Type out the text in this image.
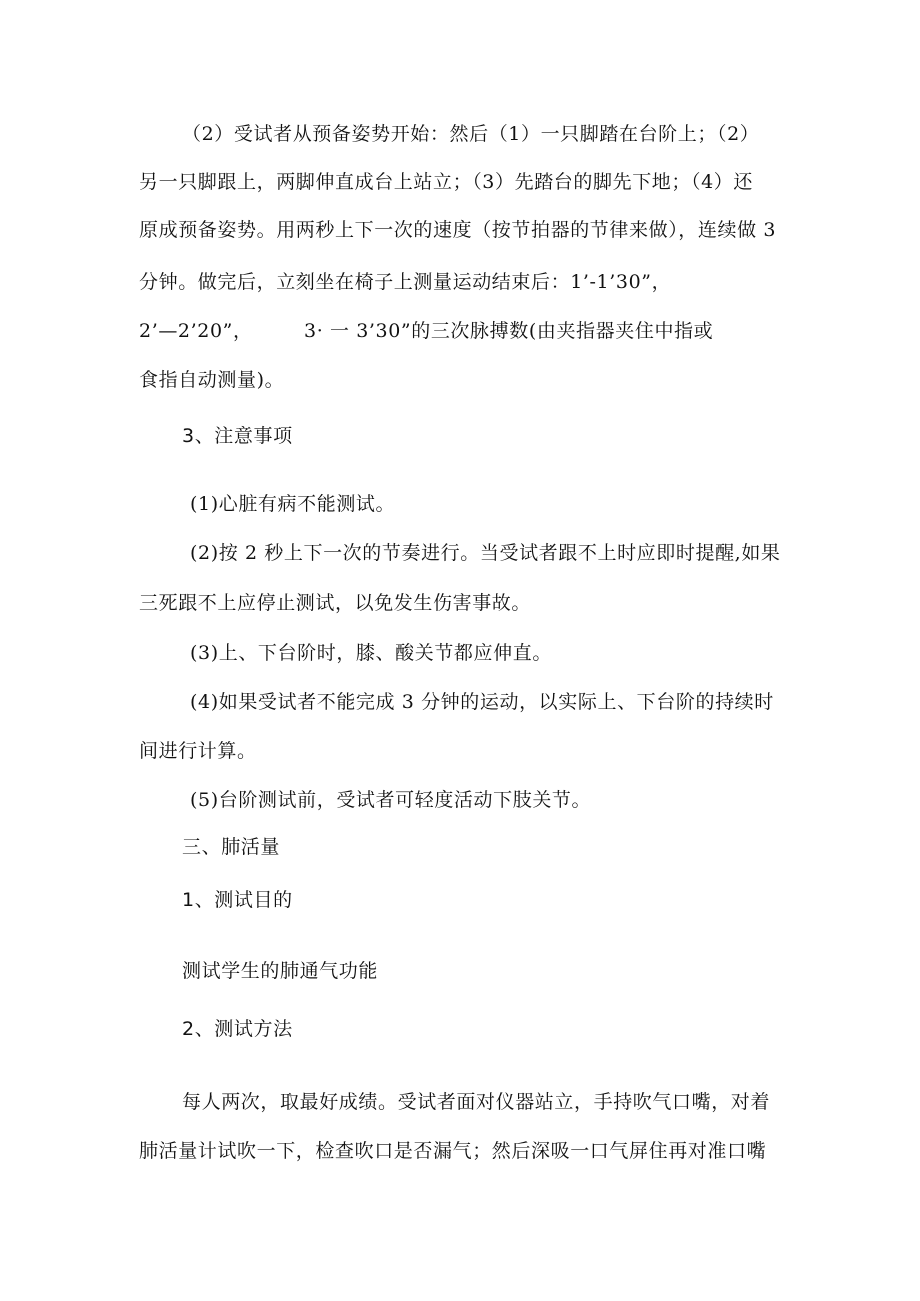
（2）受试者从预备姿势开始：然后（1）一只脚踏在台阶上；（2）
另一只脚跟上，两脚伸直成台上站立；（3）先踏台的脚先下地；（4）还
原成预备姿势。用两秒上下一次的速度（按节拍器的节律来做），连续做 3
分钟。做完后，立刻坐在椅子上测量运动结束后：1’-1’30”，
2’—2’20”，	3· 一 3’30”的三次脉搏数(由夹指器夹住中指或
食指自动测量)。
3、注意事项
(1)心脏有病不能测试。
(2)按 2 秒上下一次的节奏进行。当受试者跟不上时应即时提醒,如果
三死跟不上应停止测试，以免发生伤害事故。
(3)上、下台阶时，膝、酸关节都应伸直。
(4)如果受试者不能完成 3 分钟的运动，以实际上、下台阶的持续时
间进行计算。
(5)台阶测试前，受试者可轻度活动下肢关节。
三、肺活量
1、测试目的
测试学生的肺通气功能
2、测试方法
每人两次，取最好成绩。受试者面对仪器站立，手持吹气口嘴，对着
肺活量计试吹一下，检查吹口是否漏气；然后深吸一口气屏住再对准口嘴
